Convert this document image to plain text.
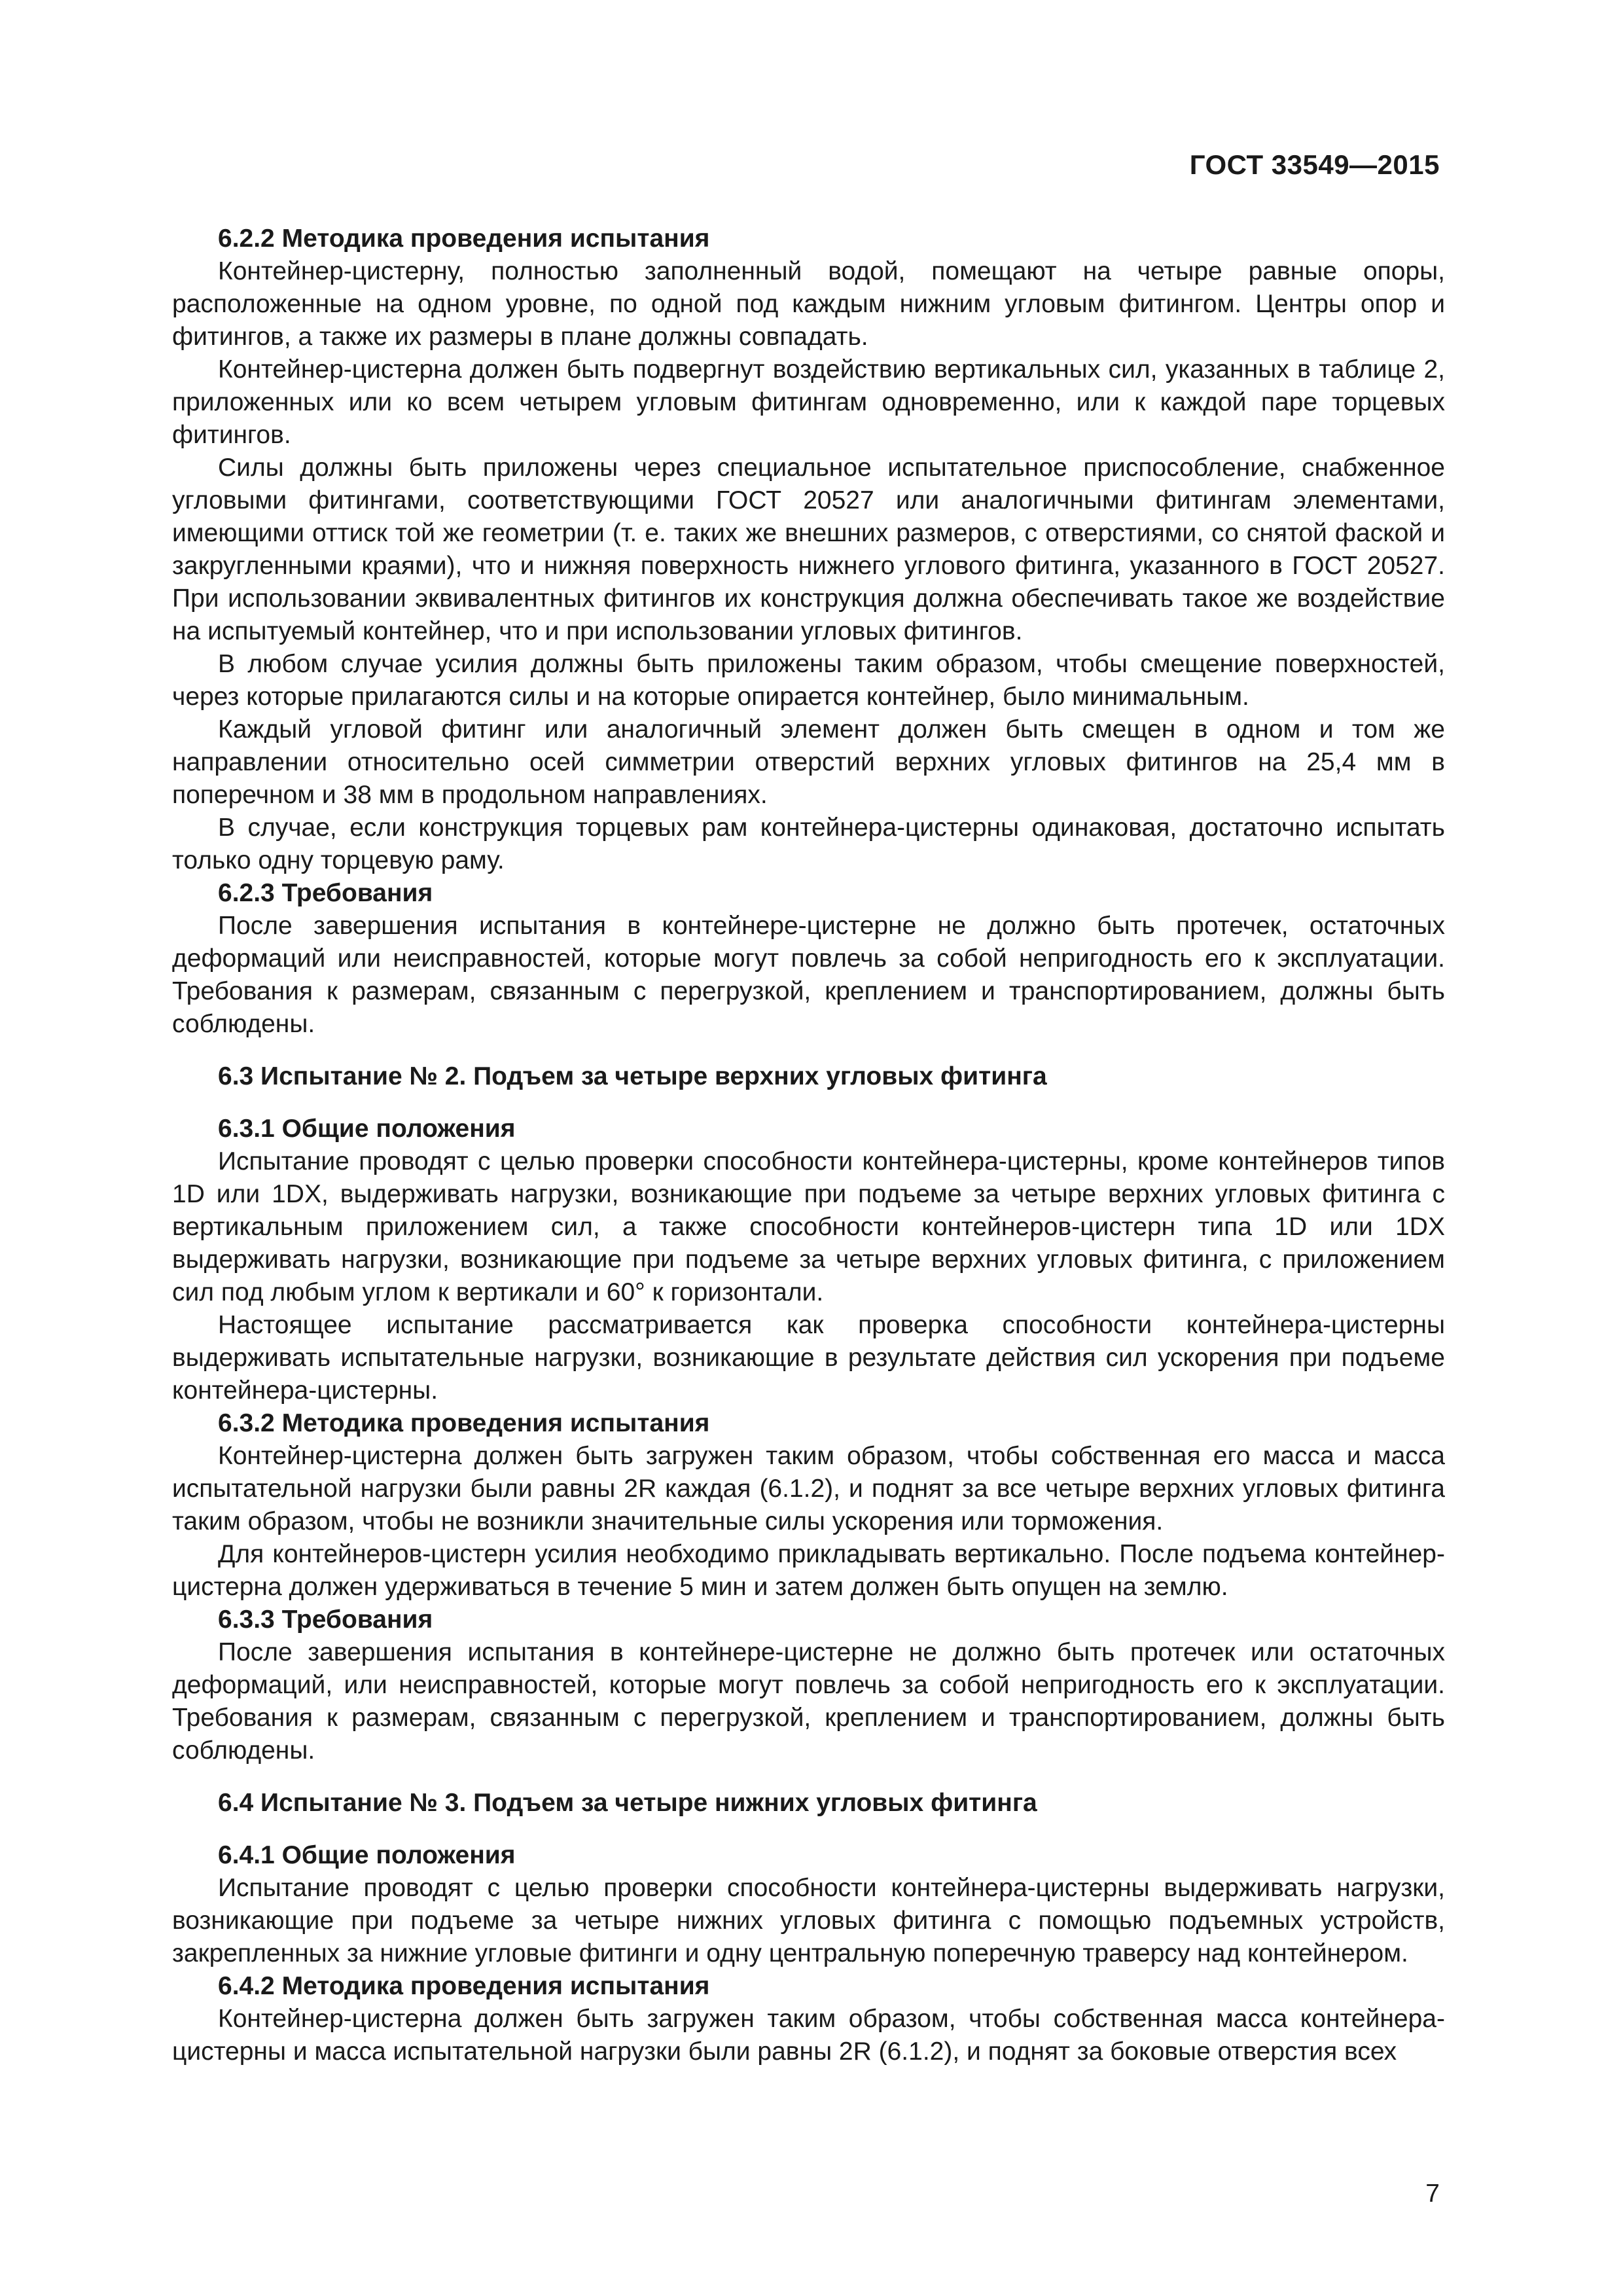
ГОСТ 33549—2015
6.2.2 Методика проведения испытания
Контейнер-цистерну, полностью заполненный водой, помещают на четыре равные опоры, расположенные на одном уровне, по одной под каждым нижним угловым фитингом. Центры опор и фитингов, а также их размеры в плане должны совпадать.
Контейнер-цистерна должен быть подвергнут воздействию вертикальных сил, указанных в таблице 2, приложенных или ко всем четырем угловым фитингам одновременно, или к каждой паре торцевых фитингов.
Силы должны быть приложены через специальное испытательное приспособление, снабженное угловыми фитингами, соответствующими ГОСТ 20527 или аналогичными фитингам элементами, имеющими оттиск той же геометрии (т. е. таких же внешних размеров, с отверстиями, со снятой фаской и закругленными краями), что и нижняя поверхность нижнего углового фитинга, указанного в ГОСТ 20527. При использовании эквивалентных фитингов их конструкция должна обеспечивать такое же воздействие на испытуемый контейнер, что и при использовании угловых фитингов.
В любом случае усилия должны быть приложены таким образом, чтобы смещение поверхностей, через которые прилагаются силы и на которые опирается контейнер, было минимальным.
Каждый угловой фитинг или аналогичный элемент должен быть смещен в одном и том же направлении относительно осей симметрии отверстий верхних угловых фитингов на 25,4 мм в поперечном и 38 мм в продольном направлениях.
В случае, если конструкция торцевых рам контейнера-цистерны одинаковая, достаточно испытать только одну торцевую раму.
6.2.3 Требования
После завершения испытания в контейнере-цистерне не должно быть протечек, остаточных деформаций или неисправностей, которые могут повлечь за собой непригодность его к эксплуатации. Требования к размерам, связанным с перегрузкой, креплением и транспортированием, должны быть соблюдены.
6.3 Испытание № 2. Подъем за четыре верхних угловых фитинга
6.3.1 Общие положения
Испытание проводят с целью проверки способности контейнера-цистерны, кроме контейнеров типов 1D или 1DX, выдерживать нагрузки, возникающие при подъеме за четыре верхних угловых фитинга с вертикальным приложением сил, а также способности контейнеров-цистерн типа 1D или 1DX выдерживать нагрузки, возникающие при подъеме за четыре верхних угловых фитинга, с приложением сил под любым углом к вертикали и 60° к горизонтали.
Настоящее испытание рассматривается как проверка способности контейнера-цистерны выдерживать испытательные нагрузки, возникающие в результате действия сил ускорения при подъеме контейнера-цистерны.
6.3.2 Методика проведения испытания
Контейнер-цистерна должен быть загружен таким образом, чтобы собственная его масса и масса испытательной нагрузки были равны 2R каждая (6.1.2), и поднят за все четыре верхних угловых фитинга таким образом, чтобы не возникли значительные силы ускорения или торможения.
Для контейнеров-цистерн усилия необходимо прикладывать вертикально. После подъема контейнер-цистерна должен удерживаться в течение 5 мин и затем должен быть опущен на землю.
6.3.3 Требования
После завершения испытания в контейнере-цистерне не должно быть протечек или остаточных деформаций, или неисправностей, которые могут повлечь за собой непригодность его к эксплуатации. Требования к размерам, связанным с перегрузкой, креплением и транспортированием, должны быть соблюдены.
6.4 Испытание № 3. Подъем за четыре нижних угловых фитинга
6.4.1 Общие положения
Испытание проводят с целью проверки способности контейнера-цистерны выдерживать нагрузки, возникающие при подъеме за четыре нижних угловых фитинга с помощью подъемных устройств, закрепленных за нижние угловые фитинги и одну центральную поперечную траверсу над контейнером.
6.4.2 Методика проведения испытания
Контейнер-цистерна должен быть загружен таким образом, чтобы собственная масса контейнера-цистерны и масса испытательной нагрузки были равны 2R (6.1.2), и поднят за боковые отверстия всех
7
